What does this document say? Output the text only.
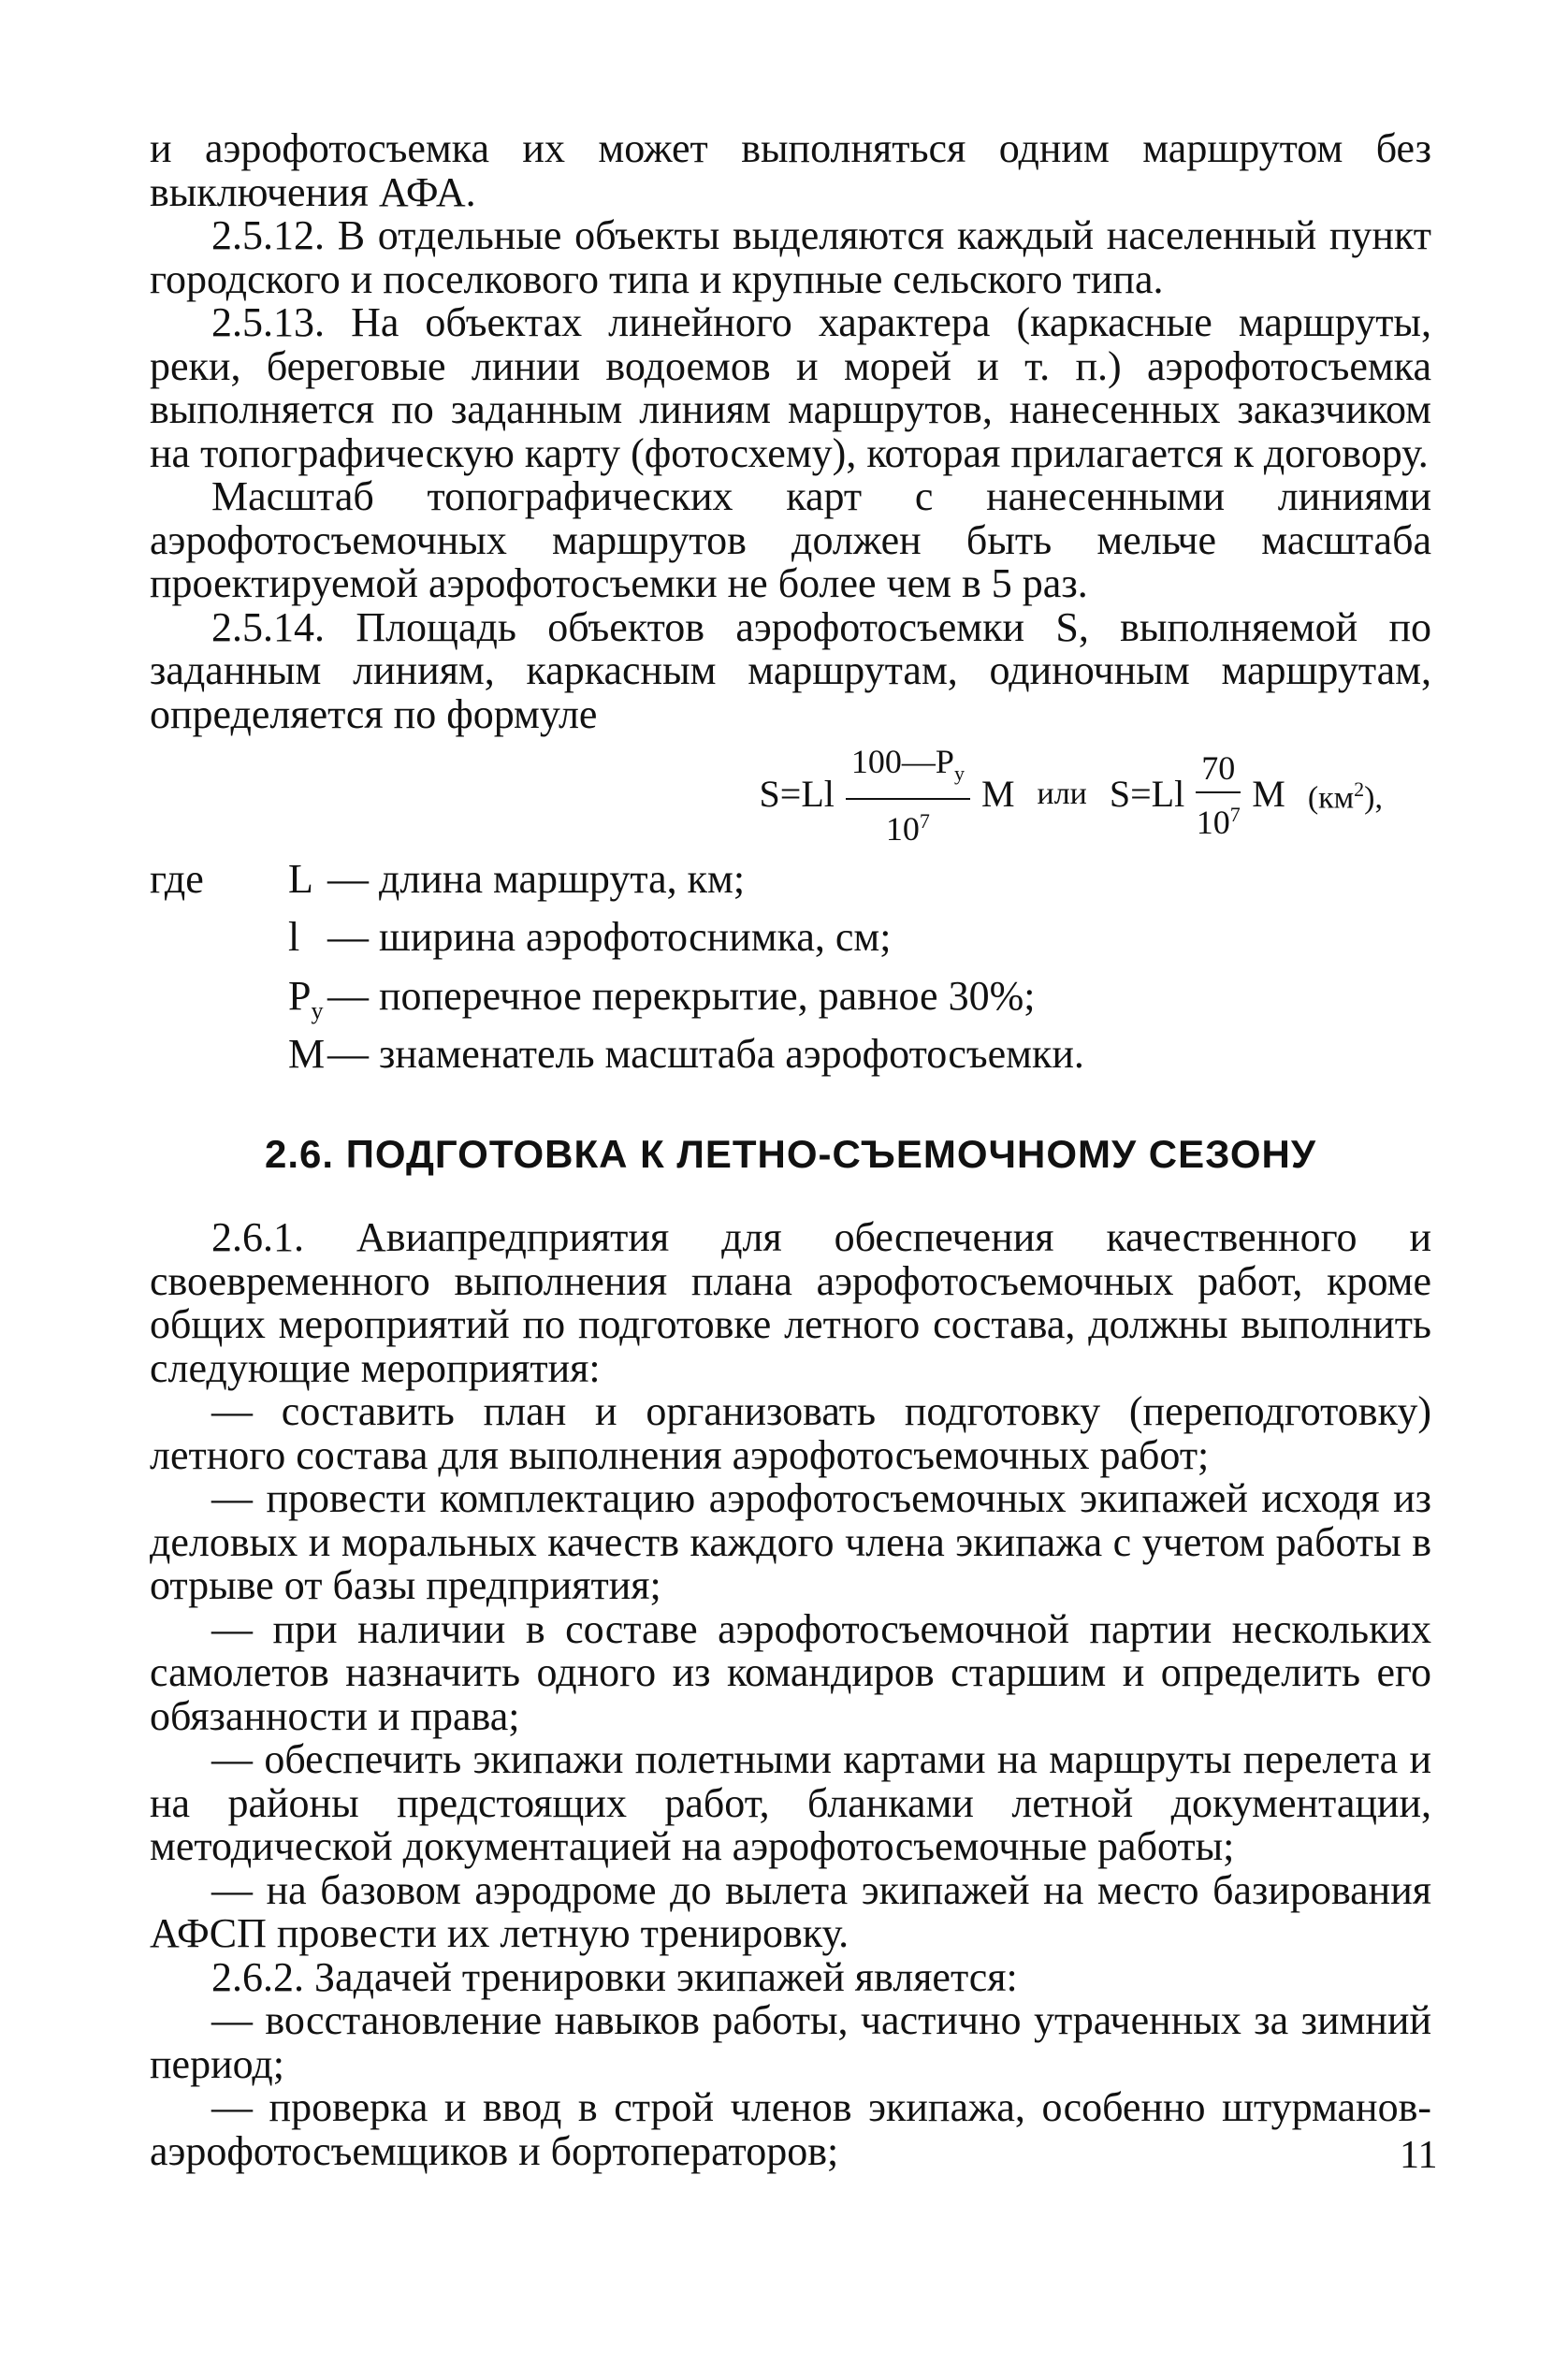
и аэрофотосъемка их может выполняться одним маршрутом без выключения АФА.

2.5.12. В отдельные объекты выделяются каждый населенный пункт городского и поселкового типа и крупные сельского типа.

2.5.13. На объектах линейного характера (каркасные маршруты, реки, береговые линии водоемов и морей и т. п.) аэрофотосъемка выполняется по заданным линиям маршрутов, нанесенных заказчиком на топографическую карту (фотосхему), которая прилагается к договору.

Масштаб топографических карт с нанесенными линиями аэрофотосъемочных маршрутов должен быть мельче масштаба проектируемой аэрофотосъемки не более чем в 5 раз.

2.5.14. Площадь объектов аэрофотосъемки S, выполняемой по заданным линиям, каркасным маршрутам, одиночным маршрутам, определяется по формуле

$S=Ll \frac{100—P_у}{10^7}$ M или $S=Ll \frac{70}{10^7}$ M $(км^2)$,
где	L — длина маршрута, км;
l — ширина аэрофотоснимка, см;
$P_у$ — поперечное перекрытие, равное 30%;
M — знаменатель масштаба аэрофотосъемки.
2.6. ПОДГОТОВКА К ЛЕТНО-СЪЕМОЧНОМУ СЕЗОНУ

2.6.1. Авиапредприятия для обеспечения качественного и своевременного выполнения плана аэрофотосъемочных работ, кроме общих мероприятий по подготовке летного состава, должны выполнить следующие мероприятия:

— составить план и организовать подготовку (переподготовку) летного состава для выполнения аэрофотосъемочных работ;

— провести комплектацию аэрофотосъемочных экипажей исходя из деловых и моральных качеств каждого члена экипажа с учетом работы в отрыве от базы предприятия;

— при наличии в составе аэрофотосъемочной партии нескольких самолетов назначить одного из командиров старшим и определить его обязанности и права;

— обеспечить экипажи полетными картами на маршруты перелета и на районы предстоящих работ, бланками летной документации, методической документацией на аэрофотосъемочные работы;

— на базовом аэродроме до вылета экипажей на место базирования АФСП провести их летную тренировку.

2.6.2. Задачей тренировки экипажей является:

— восстановление навыков работы, частично утраченных за зимний период;

— проверка и ввод в строй членов экипажа, особенно штурманов-аэрофотосъемщиков и бортоператоров;	11
